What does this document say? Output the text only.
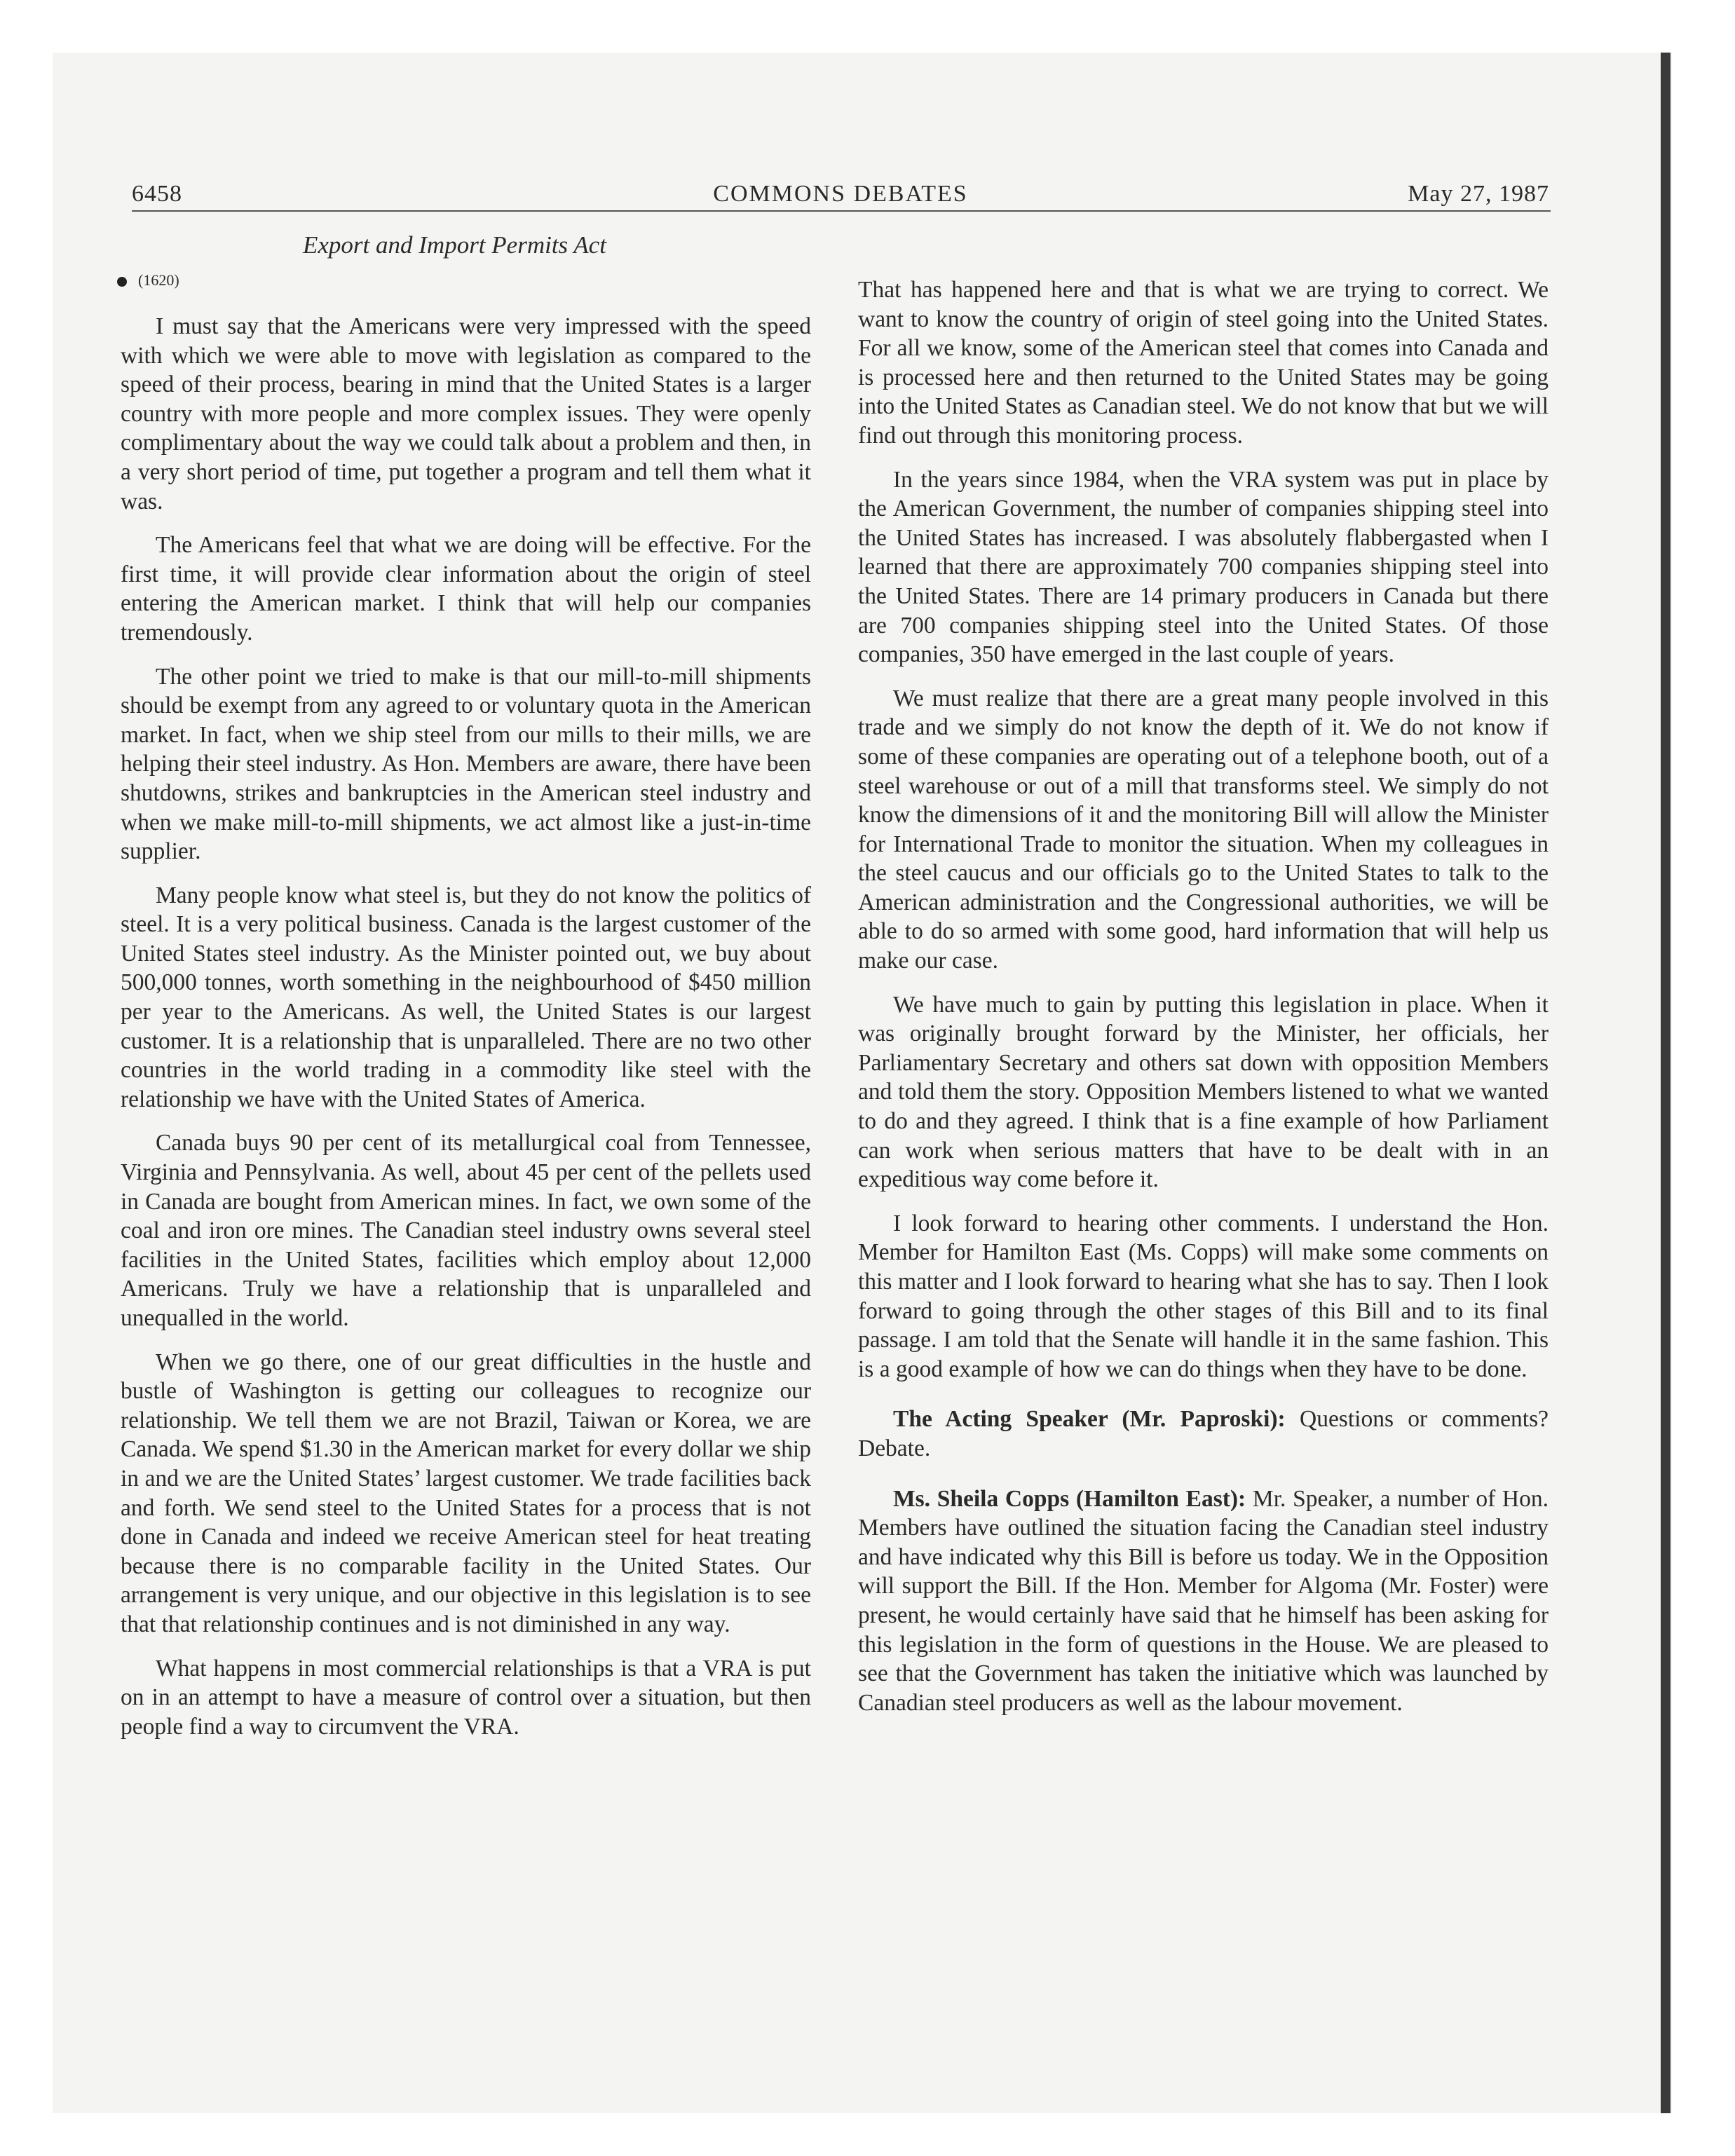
6458	COMMONS DEBATES	May 27, 1987
Export and Import Permits Act
(1620)

I must say that the Americans were very impressed with the speed with which we were able to move with legislation as compared to the speed of their process, bearing in mind that the United States is a larger country with more people and more complex issues. They were openly complimentary about the way we could talk about a problem and then, in a very short period of time, put together a program and tell them what it was.

The Americans feel that what we are doing will be effective. For the first time, it will provide clear information about the origin of steel entering the American market. I think that will help our companies tremendously.

The other point we tried to make is that our mill-to-mill shipments should be exempt from any agreed to or voluntary quota in the American market. In fact, when we ship steel from our mills to their mills, we are helping their steel industry. As Hon. Members are aware, there have been shutdowns, strikes and bankruptcies in the American steel industry and when we make mill-to-mill shipments, we act almost like a just-in-time supplier.

Many people know what steel is, but they do not know the politics of steel. It is a very political business. Canada is the largest customer of the United States steel industry. As the Minister pointed out, we buy about 500,000 tonnes, worth something in the neighbourhood of $450 million per year to the Americans. As well, the United States is our largest customer. It is a relationship that is unparalleled. There are no two other countries in the world trading in a commodity like steel with the relationship we have with the United States of America.

Canada buys 90 per cent of its metallurgical coal from Tennessee, Virginia and Pennsylvania. As well, about 45 per cent of the pellets used in Canada are bought from American mines. In fact, we own some of the coal and iron ore mines. The Canadian steel industry owns several steel facilities in the United States, facilities which employ about 12,000 Americans. Truly we have a relationship that is unparalleled and unequalled in the world.

When we go there, one of our great difficulties in the hustle and bustle of Washington is getting our colleagues to recognize our relationship. We tell them we are not Brazil, Taiwan or Korea, we are Canada. We spend $1.30 in the American market for every dollar we ship in and we are the United States’ largest customer. We trade facilities back and forth. We send steel to the United States for a process that is not done in Canada and indeed we receive American steel for heat treating because there is no comparable facility in the United States. Our arrangement is very unique, and our objective in this legislation is to see that that relationship continues and is not diminished in any way.

What happens in most commercial relationships is that a VRA is put on in an attempt to have a measure of control over a situation, but then people find a way to circumvent the VRA.

That has happened here and that is what we are trying to correct. We want to know the country of origin of steel going into the United States. For all we know, some of the American steel that comes into Canada and is processed here and then returned to the United States may be going into the United States as Canadian steel. We do not know that but we will find out through this monitoring process.

In the years since 1984, when the VRA system was put in place by the American Government, the number of companies shipping steel into the United States has increased. I was absolutely flabbergasted when I learned that there are approximately 700 companies shipping steel into the United States. There are 14 primary producers in Canada but there are 700 companies shipping steel into the United States. Of those companies, 350 have emerged in the last couple of years.

We must realize that there are a great many people involved in this trade and we simply do not know the depth of it. We do not know if some of these companies are operating out of a telephone booth, out of a steel warehouse or out of a mill that transforms steel. We simply do not know the dimensions of it and the monitoring Bill will allow the Minister for International Trade to monitor the situation. When my colleagues in the steel caucus and our officials go to the United States to talk to the American administration and the Congressional authorities, we will be able to do so armed with some good, hard information that will help us make our case.

We have much to gain by putting this legislation in place. When it was originally brought forward by the Minister, her officials, her Parliamentary Secretary and others sat down with opposition Members and told them the story. Opposition Members listened to what we wanted to do and they agreed. I think that is a fine example of how Parliament can work when serious matters that have to be dealt with in an expeditious way come before it.

I look forward to hearing other comments. I understand the Hon. Member for Hamilton East (Ms. Copps) will make some comments on this matter and I look forward to hearing what she has to say. Then I look forward to going through the other stages of this Bill and to its final passage. I am told that the Senate will handle it in the same fashion. This is a good example of how we can do things when they have to be done.

The Acting Speaker (Mr. Paproski): Questions or comments? Debate.

Ms. Sheila Copps (Hamilton East): Mr. Speaker, a number of Hon. Members have outlined the situation facing the Canadian steel industry and have indicated why this Bill is before us today. We in the Opposition will support the Bill. If the Hon. Member for Algoma (Mr. Foster) were present, he would certainly have said that he himself has been asking for this legislation in the form of questions in the House. We are pleased to see that the Government has taken the initiative which was launched by Canadian steel producers as well as the labour movement.
